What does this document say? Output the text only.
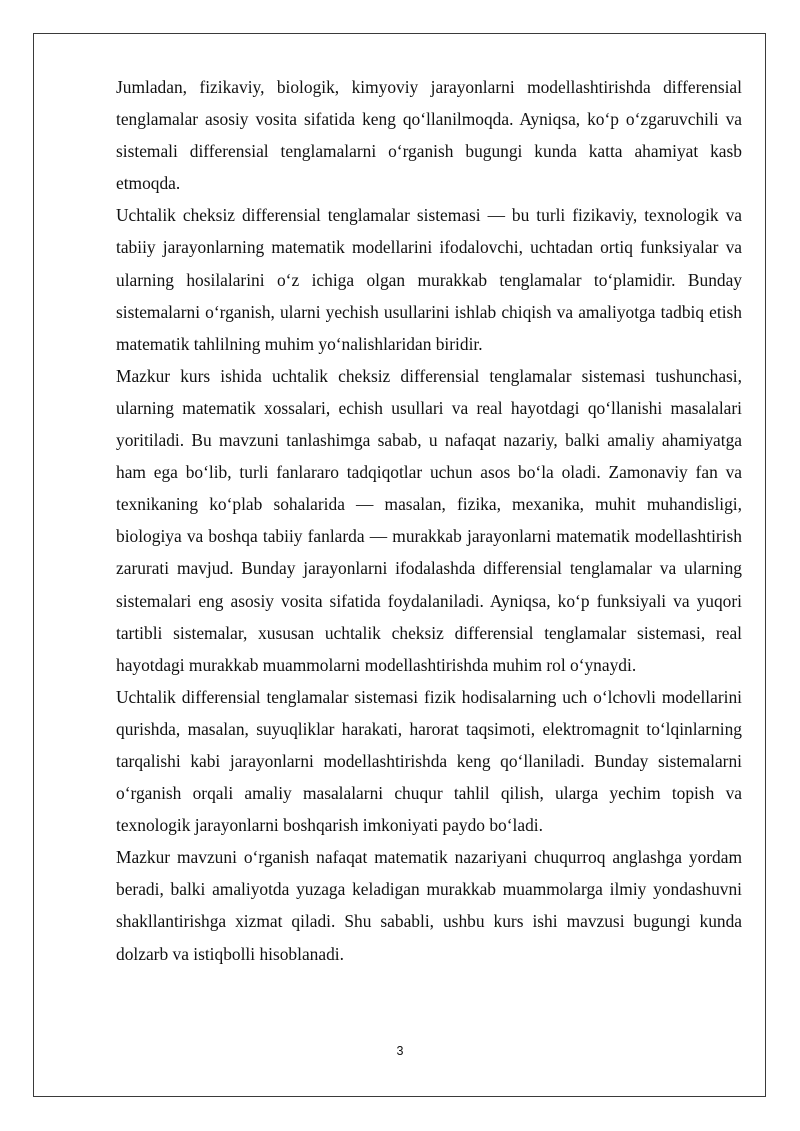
Jumladan, fizikaviy, biologik, kimyoviy jarayonlarni modellashtirishda differensial tenglamalar asosiy vosita sifatida keng qo‘llanilmoqda. Ayniqsa, ko‘p o‘zgaruvchili va sistemali differensial tenglamalarni o‘rganish bugungi kunda katta ahamiyat kasb etmoqda.

Uchtalik cheksiz differensial tenglamalar sistemasi — bu turli fizikaviy, texnologik va tabiiy jarayonlarning matematik modellarini ifodalovchi, uchtadan ortiq funksiyalar va ularning hosilalarini o‘z ichiga olgan murakkab tenglamalar to‘plamidir. Bunday sistemalarni o‘rganish, ularni yechish usullarini ishlab chiqish va amaliyotga tadbiq etish matematik tahlilning muhim yo‘nalishlaridan biridir.

Mazkur kurs ishida uchtalik cheksiz differensial tenglamalar sistemasi tushunchasi, ularning matematik xossalari, echish usullari va real hayotdagi qo‘llanishi masalalari yoritiladi. Bu mavzuni tanlashimga sabab, u nafaqat nazariy, balki amaliy ahamiyatga ham ega bo‘lib, turli fanlararo tadqiqotlar uchun asos bo‘la oladi. Zamonaviy fan va texnikaning ko‘plab sohalarida — masalan, fizika, mexanika, muhit muhandisligi, biologiya va boshqa tabiiy fanlarda — murakkab jarayonlarni matematik modellashtirish zarurati mavjud. Bunday jarayonlarni ifodalashda differensial tenglamalar va ularning sistemalari eng asosiy vosita sifatida foydalaniladi. Ayniqsa, ko‘p funksiyali va yuqori tartibli sistemalar, xususan uchtalik cheksiz differensial tenglamalar sistemasi, real hayotdagi murakkab muammolarni modellashtirishda muhim rol o‘ynaydi.

Uchtalik differensial tenglamalar sistemasi fizik hodisalarning uch o‘lchovli modellarini qurishda, masalan, suyuqliklar harakati, harorat taqsimoti, elektromagnit to‘lqinlarning tarqalishi kabi jarayonlarni modellashtirishda keng qo‘llaniladi. Bunday sistemalarni o‘rganish orqali amaliy masalalarni chuqur tahlil qilish, ularga yechim topish va texnologik jarayonlarni boshqarish imkoniyati paydo bo‘ladi.

Mazkur mavzuni o‘rganish nafaqat matematik nazariyani chuqurroq anglashga yordam beradi, balki amaliyotda yuzaga keladigan murakkab muammolarga ilmiy yondashuvni shakllantirishga xizmat qiladi. Shu sababli, ushbu kurs ishi mavzusi bugungi kunda dolzarb va istiqbolli hisoblanadi.

3
